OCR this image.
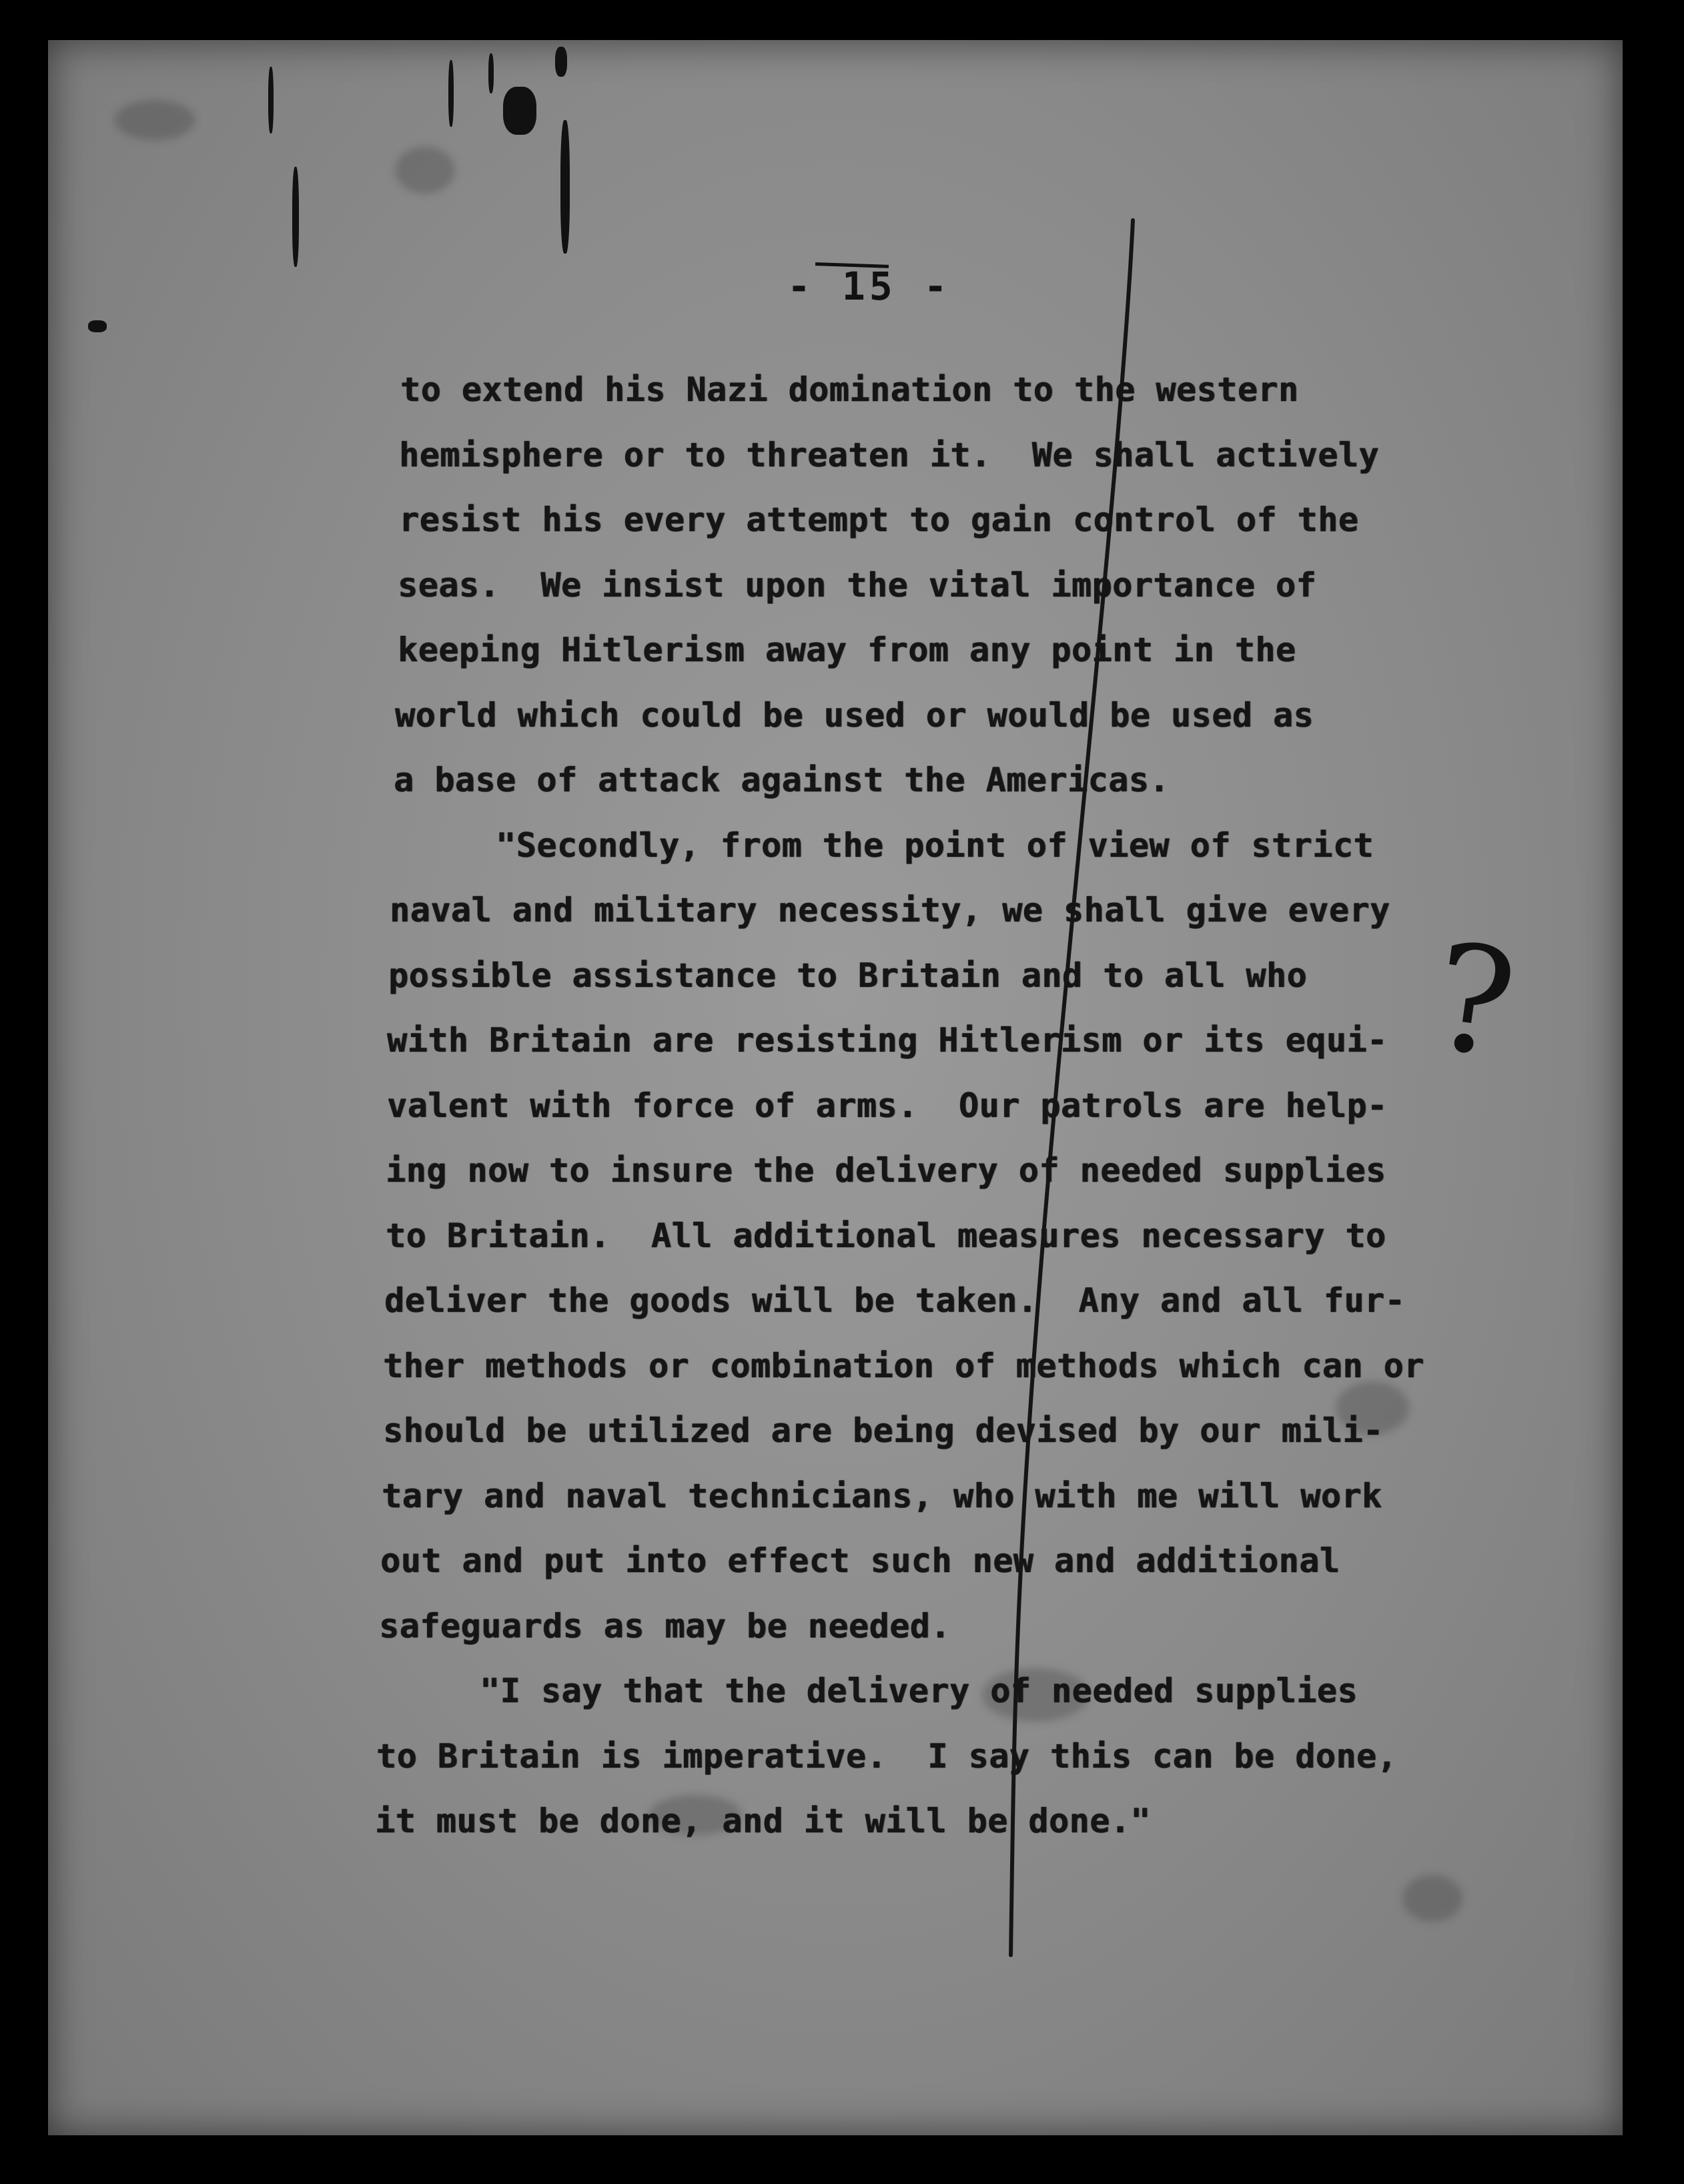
- 15 -
to extend his Nazi domination to the western
hemisphere or to threaten it.  We shall actively
resist his every attempt to gain control of the
seas.  We insist upon the vital importance of
keeping Hitlerism away from any point in the
world which could be used or would be used as
a base of attack against the Americas.
"Secondly, from the point of view of strict
naval and military necessity, we shall give every
possible assistance to Britain and to all who
with Britain are resisting Hitlerism or its equi-
valent with force of arms.  Our patrols are help-
ing now to insure the delivery of needed supplies
to Britain.  All additional measures necessary to
deliver the goods will be taken.  Any and all fur-
ther methods or combination of methods which can or
should be utilized are being devised by our mili-
tary and naval technicians, who with me will work
out and put into effect such new and additional
safeguards as may be needed.
"I say that the delivery of needed supplies
to Britain is imperative.  I say this can be done,
it must be done, and it will be done."
?
